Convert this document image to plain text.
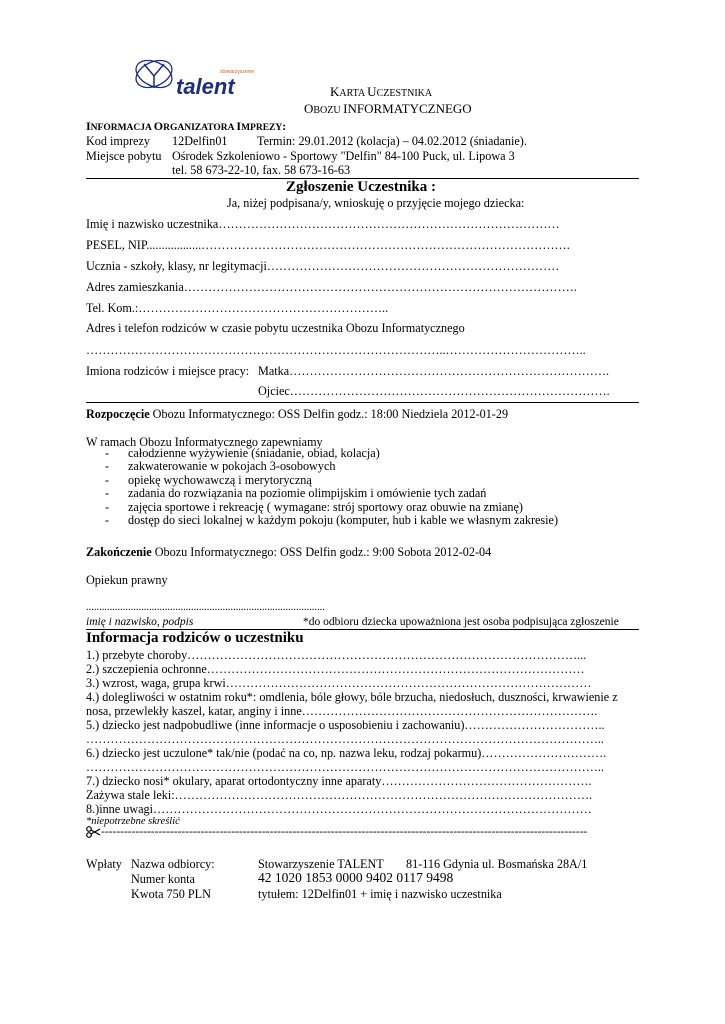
stowarzyszenie
talent	KARTA UCZESTNIKA
OBOZU INFORMATYCZNEGO
INFORMACJA ORGANIZATORA IMPREZY:
Kod imprezy 12Delfin01 Termin: 29.01.2012 (kolacja) – 04.02.2012 (śniadanie).
Miejsce pobytu Ośrodek Szkoleniowo - Sportowy "Delfin" 84-100 Puck, ul. Lipowa 3
tel. 58 673-22-10, fax. 58 673-16-63
Zgłoszenie Uczestnika :
Ja, niżej podpisana/y, wnioskuję o przyjęcie mojego dziecka:
Imię i nazwisko uczestnika…………………………………………………………………………
PESEL, NIP..................……………………………………………………………………………….
Ucznia - szkoły, klasy, nr legitymacji………………………………………………………………
Adres zamieszkania…………………………………………………………………………………….
Tel. Kom.:……………………………………………………..
Adres i telefon rodziców w czasie pobytu uczestnika Obozu Informatycznego
……………………………………………………………………………..……………………………..
Imiona rodziców i miejsce pracy: Matka…………………………………………………………………….
Ojciec…………………………………………………………………….
Rozpoczęcie Obozu Informatycznego: OSS Delfin godz.: 18:00 Niedziela 2012-01-29
W ramach Obozu Informatycznego zapewniamy
- całodzienne wyżywienie (śniadanie, obiad, kolacja)
- zakwaterowanie w pokojach 3-osobowych
- opiekę wychowawczą i merytoryczną
- zadania do rozwiązania na poziomie olimpijskim i omówienie tych zadań
- zajęcia sportowe i rekreację ( wymagane: strój sportowy oraz obuwie na zmianę)
- dostęp do sieci lokalnej w każdym pokoju (komputer, hub i kable we własnym zakresie)
Zakończenie Obozu Informatycznego: OSS Delfin godz.: 9:00 Sobota 2012-02-04
Opiekun prawny
...........................................................................................
imię i nazwisko, podpis	*do odbioru dziecka upoważniona jest osoba podpisująca zgłoszenie
Informacja rodziców o uczestniku
1.) przebyte choroby……………………………………………………………………………………...
2.) szczepienia ochronne…………………………………………………………………………………
3.) wzrost, waga, grupa krwi………………………………………………………………………………
4.) dolegliwości w ostatnim roku*: omdlenia, bóle głowy, bóle brzucha, niedosłuch, duszności, krwawienie z
nosa, przewlekły kaszel, katar, anginy i inne……………………………………………………………….
5.) dziecko jest nadpobudliwe (inne informacje o usposobieniu i zachowaniu)……………………………..
………………………………………………………………………………………………………………..
6.) dziecko jest uczulone* tak/nie (podać na co, np. nazwa leku, rodzaj pokarmu)………………………….
………………………………………………………………………………………………………………..
7.) dziecko nosi* okulary, aparat ortodontyczny inne aparaty…………………………………………….
Zażywa stale leki:………………………………………………………………………………………….
8.)inne uwagi………………………………………………………………………………………………
*niepotrzebne skreślić
-------------------------------------------------------------------------------------------------------------------------------
Wpłaty Nazwa odbiorcy:	Stowarzyszenie TALENT 81-116 Gdynia ul. Bosmańska 28A/1
Numer konta	42 1020 1853 0000 9402 0117 9498
Kwota 750 PLN	tytułem: 12Delfin01 + imię i nazwisko uczestnika
